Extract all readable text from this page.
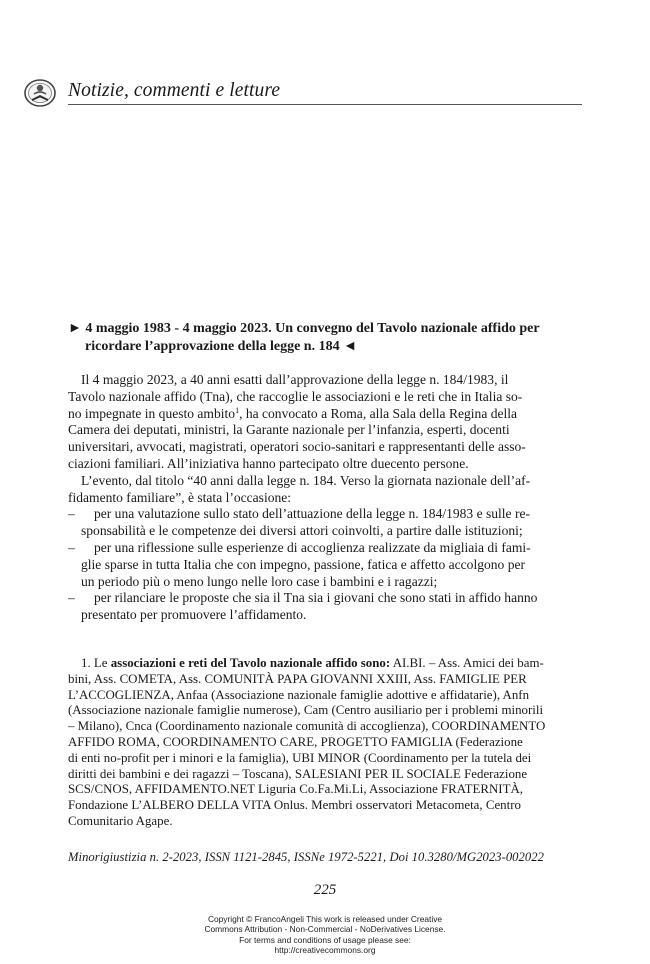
Notizie, commenti e letture
► 4 maggio 1983 - 4 maggio 2023. Un convegno del Tavolo nazionale affido per
ricordare l’approvazione della legge n. 184 ◄
Il 4 maggio 2023, a 40 anni esatti dall’approvazione della legge n. 184/1983, il
Tavolo nazionale affido (Tna), che raccoglie le associazioni e le reti che in Italia so-
no impegnate in questo ambito$^1$, ha convocato a Roma, alla Sala della Regina della
Camera dei deputati, ministri, la Garante nazionale per l’infanzia, esperti, docenti
universitari, avvocati, magistrati, operatori socio-sanitari e rappresentanti delle asso-
ciazioni familiari. All’iniziativa hanno partecipato oltre duecento persone.
L’evento, dal titolo “40 anni dalla legge n. 184. Verso la giornata nazionale dell’af-
fidamento familiare”, è stata l’occasione:
–	per una valutazione sullo stato dell’attuazione della legge n. 184/1983 e sulle re-
sponsabilità e le competenze dei diversi attori coinvolti, a partire dalle istituzioni;
–	per una riflessione sulle esperienze di accoglienza realizzate da migliaia di fami-
glie sparse in tutta Italia che con impegno, passione, fatica e affetto accolgono per
un periodo più o meno lungo nelle loro case i bambini e i ragazzi;
–	per rilanciare le proposte che sia il Tna sia i giovani che sono stati in affido hanno
presentato per promuovere l’affidamento.
1. Le associazioni e reti del Tavolo nazionale affido sono: AI.BI. – Ass. Amici dei bam-
bini, Ass. COMETA, Ass. COMUNITÀ PAPA GIOVANNI XXIII, Ass. FAMIGLIE PER
L’ACCOGLIENZA, Anfaa (Associazione nazionale famiglie adottive e affidatarie), Anfn
(Associazione nazionale famiglie numerose), Cam (Centro ausiliario per i problemi minorili
– Milano), Cnca (Coordinamento nazionale comunità di accoglienza), COORDINAMENTO
AFFIDO ROMA, COORDINAMENTO CARE, PROGETTO FAMIGLIA (Federazione
di enti no-profit per i minori e la famiglia), UBI MINOR (Coordinamento per la tutela dei
diritti dei bambini e dei ragazzi – Toscana), SALESIANI PER IL SOCIALE Federazione
SCS/CNOS, AFFIDAMENTO.NET Liguria Co.Fa.Mi.Li, Associazione FRATERNITÀ,
Fondazione L’ALBERO DELLA VITA Onlus. Membri osservatori Metacometa, Centro
Comunitario Agape.
Minorigiustizia n. 2-2023, ISSN 1121-2845, ISSNe 1972-5221, Doi 10.3280/MG2023-002022
225
Copyright © FrancoAngeli This work is released under Creative
Commons Attribution - Non-Commercial - NoDerivatives License.
For terms and conditions of usage please see:
http://creativecommons.org
